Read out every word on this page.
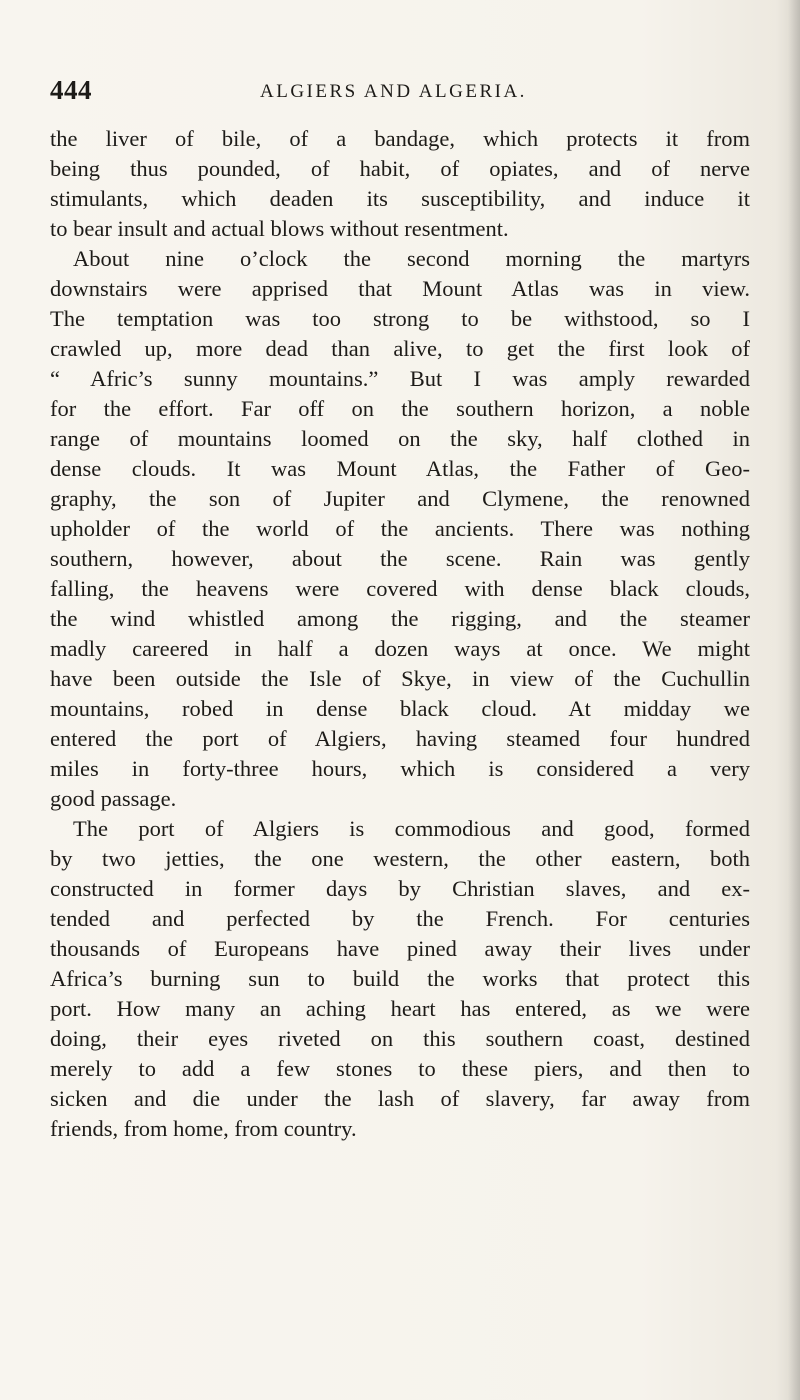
444	ALGIERS AND ALGERIA.
the liver of bile, of a bandage, which protects it from
being thus pounded, of habit, of opiates, and of nerve
stimulants, which deaden its susceptibility, and induce it
to bear insult and actual blows without resentment.
About nine o’clock the second morning the martyrs
downstairs were apprised that Mount Atlas was in view.
The temptation was too strong to be withstood, so I
crawled up, more dead than alive, to get the first look of
“ Afric’s sunny mountains.” But I was amply rewarded
for the effort. Far off on the southern horizon, a noble
range of mountains loomed on the sky, half clothed in
dense clouds. It was Mount Atlas, the Father of Geo-
graphy, the son of Jupiter and Clymene, the renowned
upholder of the world of the ancients. There was nothing
southern, however, about the scene. Rain was gently
falling, the heavens were covered with dense black clouds,
the wind whistled among the rigging, and the steamer
madly careered in half a dozen ways at once. We might
have been outside the Isle of Skye, in view of the Cuchullin
mountains, robed in dense black cloud. At midday we
entered the port of Algiers, having steamed four hundred
miles in forty-three hours, which is considered a very
good passage.
The port of Algiers is commodious and good, formed
by two jetties, the one western, the other eastern, both
constructed in former days by Christian slaves, and ex-
tended and perfected by the French. For centuries
thousands of Europeans have pined away their lives under
Africa’s burning sun to build the works that protect this
port. How many an aching heart has entered, as we were
doing, their eyes riveted on this southern coast, destined
merely to add a few stones to these piers, and then to
sicken and die under the lash of slavery, far away from
friends, from home, from country.
